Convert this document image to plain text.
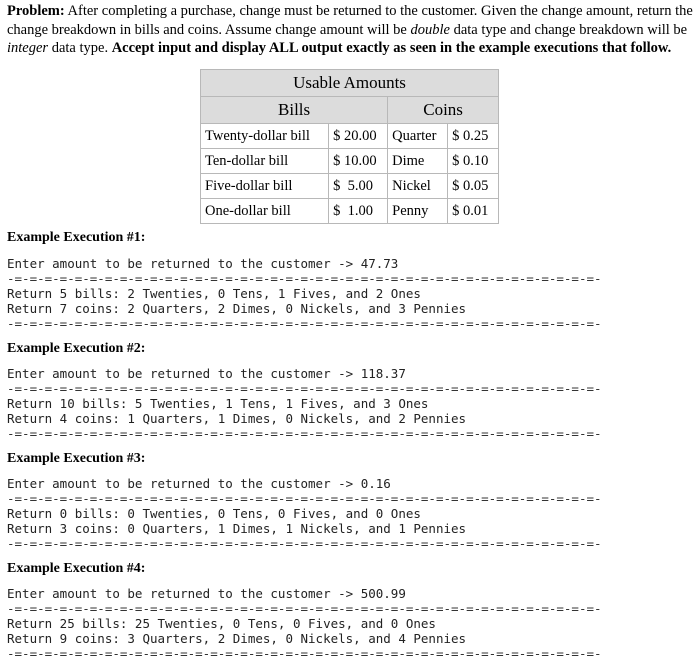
Problem: After completing a purchase, change must be returned to the customer. Given the change amount, return the change breakdown in bills and coins. Assume change amount will be double data type and change breakdown will be integer data type. Accept input and display ALL output exactly as seen in the example executions that follow.

Usable Amounts			
Bills		Coins	
Twenty-dollar bill	$ 20.00	Quarter	$ 0.25
Ten-dollar bill	$ 10.00	Dime	$ 0.10
Five-dollar bill	$  5.00	Nickel	$ 0.05
One-dollar bill	$  1.00	Penny	$ 0.01
Example Execution #1:
Enter amount to be returned to the customer -> 47.73
-=-=-=-=-=-=-=-=-=-=-=-=-=-=-=-=-=-=-=-=-=-=-=-=-=-=-=-=-=-=-=-=-=-=-=-=-=-=-=-
Return 5 bills: 2 Twenties, 0 Tens, 1 Fives, and 2 Ones
Return 7 coins: 2 Quarters, 2 Dimes, 0 Nickels, and 3 Pennies
-=-=-=-=-=-=-=-=-=-=-=-=-=-=-=-=-=-=-=-=-=-=-=-=-=-=-=-=-=-=-=-=-=-=-=-=-=-=-=-
Example Execution #2:
Enter amount to be returned to the customer -> 118.37
-=-=-=-=-=-=-=-=-=-=-=-=-=-=-=-=-=-=-=-=-=-=-=-=-=-=-=-=-=-=-=-=-=-=-=-=-=-=-=-
Return 10 bills: 5 Twenties, 1 Tens, 1 Fives, and 3 Ones
Return 4 coins: 1 Quarters, 1 Dimes, 0 Nickels, and 2 Pennies
-=-=-=-=-=-=-=-=-=-=-=-=-=-=-=-=-=-=-=-=-=-=-=-=-=-=-=-=-=-=-=-=-=-=-=-=-=-=-=-
Example Execution #3:
Enter amount to be returned to the customer -> 0.16
-=-=-=-=-=-=-=-=-=-=-=-=-=-=-=-=-=-=-=-=-=-=-=-=-=-=-=-=-=-=-=-=-=-=-=-=-=-=-=-
Return 0 bills: 0 Twenties, 0 Tens, 0 Fives, and 0 Ones
Return 3 coins: 0 Quarters, 1 Dimes, 1 Nickels, and 1 Pennies
-=-=-=-=-=-=-=-=-=-=-=-=-=-=-=-=-=-=-=-=-=-=-=-=-=-=-=-=-=-=-=-=-=-=-=-=-=-=-=-
Example Execution #4:
Enter amount to be returned to the customer -> 500.99
-=-=-=-=-=-=-=-=-=-=-=-=-=-=-=-=-=-=-=-=-=-=-=-=-=-=-=-=-=-=-=-=-=-=-=-=-=-=-=-
Return 25 bills: 25 Twenties, 0 Tens, 0 Fives, and 0 Ones
Return 9 coins: 3 Quarters, 2 Dimes, 0 Nickels, and 4 Pennies
-=-=-=-=-=-=-=-=-=-=-=-=-=-=-=-=-=-=-=-=-=-=-=-=-=-=-=-=-=-=-=-=-=-=-=-=-=-=-=-
